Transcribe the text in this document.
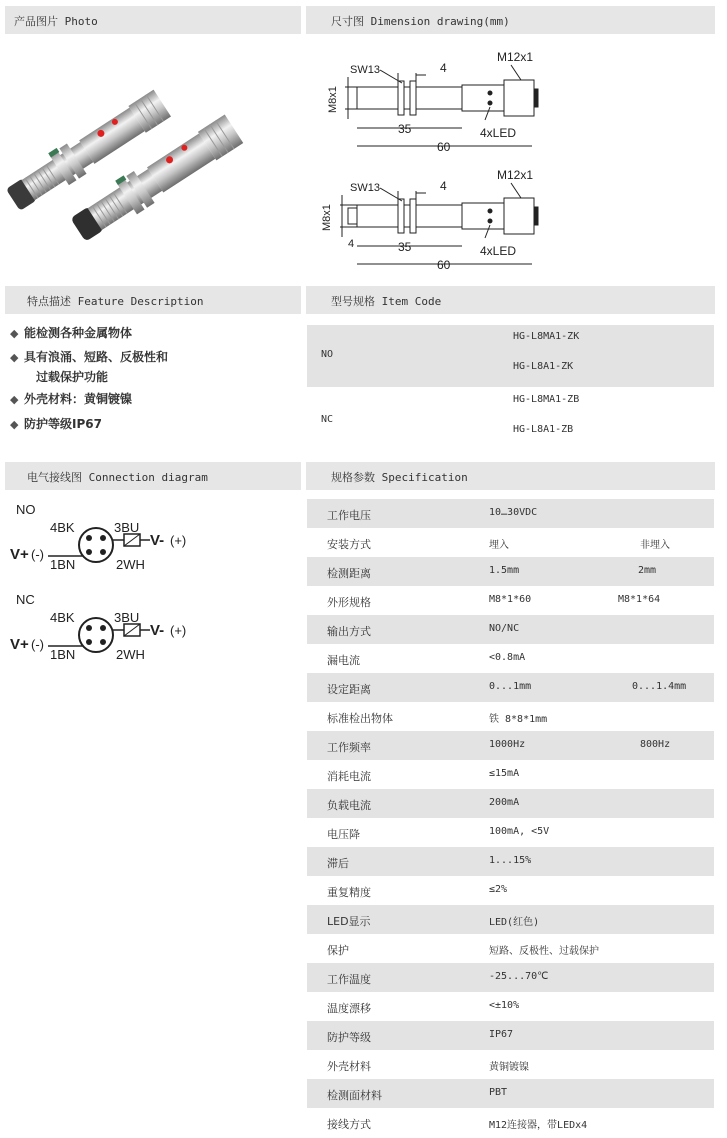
产品图片 Photo	尺寸图 Dimension drawing(mm)
SW13	4
M12x1
M8x1
35	4xLED
60
SW13	4
M12x1
M8x1
4	35	4xLED
60
特点描述 Feature Description	型号规格 Item Code
◆ 能检测各种金属物体
◆ 具有浪涌、短路、反极性和
过载保护功能
◆ 外壳材料：黄铜镀镍
◆ 防护等级IP67
NO
HG-L8MA1-ZK
HG-L8A1-ZK
NC
HG-L8MA1-ZB
HG-L8A1-ZB
电气接线图 Connection diagram	规格参数 Specification
NO
4BK	3BU
1BN	2WH
V+ (-)
V- (+)
NC
4BK	3BU
1BN	2WH
V+ (-)
V- (+)
工作电压	10…30VDC
安装方式	埋入	非埋入
检测距离	1.5mm	2mm
外形规格	M8*1*60	M8*1*64
输出方式	NO/NC
漏电流	<0.8mA
设定距离	0...1mm	0...1.4mm
标准检出物体	铁 8*8*1mm
工作频率	1000Hz	800Hz
消耗电流	≤15mA
负载电流	200mA
电压降	100mA, <5V
滞后	1...15%
重复精度	≤2%
LED显示	LED(红色)
保护	短路、反极性、过载保护
工作温度	-25...70℃
温度漂移	<±10%
防护等级	IP67
外壳材料	黄铜镀镍
检测面材料	PBT
接线方式	M12连接器，带LEDx4
